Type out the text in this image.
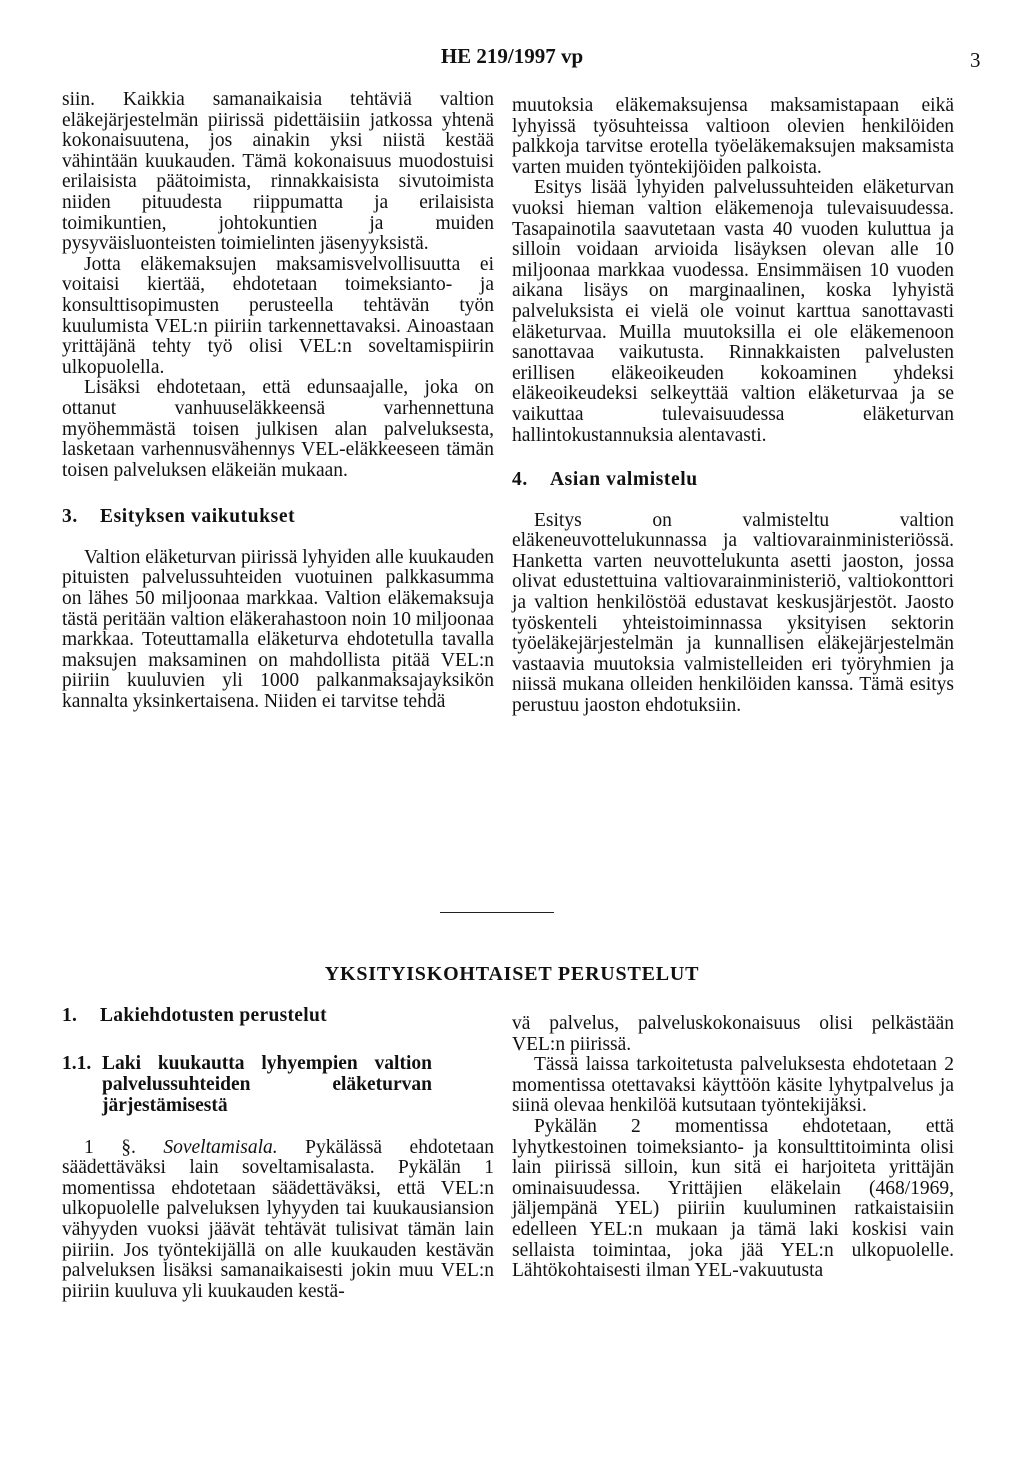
HE 219/1997 vp	3

siin. Kaikkia samanaikaisia tehtäviä valtion eläkejärjestelmän piirissä pidettäisiin jatkossa yhtenä kokonaisuutena, jos ainakin yksi niistä kestää vähintään kuukauden. Tämä kokonaisuus muodostuisi erilaisista päätoimista, rinnakkaisista sivutoimista niiden pituudesta riippumatta ja erilaisista toimikuntien, johtokuntien ja muiden pysyväisluonteisten toimielinten jäsenyyksistä.

Jotta eläkemaksujen maksamisvelvollisuutta ei voitaisi kiertää, ehdotetaan toimeksianto- ja konsulttisopimusten perusteella tehtävän työn kuulumista VEL:n piiriin tarkennettavaksi. Ainoastaan yrittäjänä tehty työ olisi VEL:n soveltamispiirin ulkopuolella.

Lisäksi ehdotetaan, että edunsaajalle, joka on ottanut vanhuuseläkkeensä varhennettuna myöhemmästä toisen julkisen alan palveluksesta, lasketaan varhennusvähennys VEL-eläkkeeseen tämän toisen palveluksen eläkeiän mukaan.

3. Esityksen vaikutukset

Valtion eläketurvan piirissä lyhyiden alle kuukauden pituisten palvelussuhteiden vuotuinen palkkasumma on lähes 50 miljoonaa markkaa. Valtion eläkemaksuja tästä peritään valtion eläkerahastoon noin 10 miljoonaa markkaa. Toteuttamalla eläketurva ehdotetulla tavalla maksujen maksaminen on mahdollista pitää VEL:n piiriin kuuluvien yli 1000 palkanmaksajayksikön kannalta yksinkertaisena. Niiden ei tarvitse tehdä

muutoksia eläkemaksujensa maksamistapaan eikä lyhyissä työsuhteissa valtioon olevien henkilöiden palkkoja tarvitse erotella työeläkemaksujen maksamista varten muiden työntekijöiden palkoista.

Esitys lisää lyhyiden palvelussuhteiden eläketurvan vuoksi hieman valtion eläkemenoja tulevaisuudessa. Tasapainotila saavutetaan vasta 40 vuoden kuluttua ja silloin voidaan arvioida lisäyksen olevan alle 10 miljoonaa markkaa vuodessa. Ensimmäisen 10 vuoden aikana lisäys on marginaalinen, koska lyhyistä palveluksista ei vielä ole voinut karttua sanottavasti eläketurvaa. Muilla muutoksilla ei ole eläkemenoon sanottavaa vaikutusta. Rinnakkaisten palvelusten erillisen eläkeoikeuden kokoaminen yhdeksi eläkeoikeudeksi selkeyttää valtion eläketurvaa ja se vaikuttaa tulevaisuudessa eläketurvan hallintokustannuksia alentavasti.

4. Asian valmistelu

Esitys on valmisteltu valtion eläkeneuvottelukunnassa ja valtiovarainministeriössä. Hanketta varten neuvottelukunta asetti jaoston, jossa olivat edustettuina valtiovarainministeriö, valtiokonttori ja valtion henkilöstöä edustavat keskusjärjestöt. Jaosto työskenteli yhteistoiminnassa yksityisen sektorin työeläkejärjestelmän ja kunnallisen eläkejärjestelmän vastaavia muutoksia valmistelleiden eri työryhmien ja niissä mukana olleiden henkilöiden kanssa. Tämä esitys perustuu jaoston ehdotuksiin.

YKSITYISKOHTAISET PERUSTELUT
1. Lakiehdotusten perustelut
1.1. Laki kuukautta lyhyempien valtion palvelussuhteiden eläketurvan järjestämisestä

1 §. Soveltamisala. Pykälässä ehdotetaan säädettäväksi lain soveltamisalasta. Pykälän 1 momentissa ehdotetaan säädettäväksi, että VEL:n ulkopuolelle palveluksen lyhyyden tai kuukausiansion vähyyden vuoksi jäävät tehtävät tulisivat tämän lain piiriin. Jos työntekijällä on alle kuukauden kestävän palveluksen lisäksi samanaikaisesti jokin muu VEL:n piiriin kuuluva yli kuukauden kestä-

vä palvelus, palveluskokonaisuus olisi pelkästään VEL:n piirissä.

Tässä laissa tarkoitetusta palveluksesta ehdotetaan 2 momentissa otettavaksi käyttöön käsite lyhytpalvelus ja siinä olevaa henkilöä kutsutaan työntekijäksi.

Pykälän 2 momentissa ehdotetaan, että lyhytkestoinen toimeksianto- ja konsulttitoiminta olisi lain piirissä silloin, kun sitä ei harjoiteta yrittäjän ominaisuudessa. Yrittäjien eläkelain (468/1969, jäljempänä YEL) piiriin kuuluminen ratkaistaisiin edelleen YEL:n mukaan ja tämä laki koskisi vain sellaista toimintaa, joka jää YEL:n ulkopuolelle. Lähtökohtaisesti ilman YEL-vakuutusta
